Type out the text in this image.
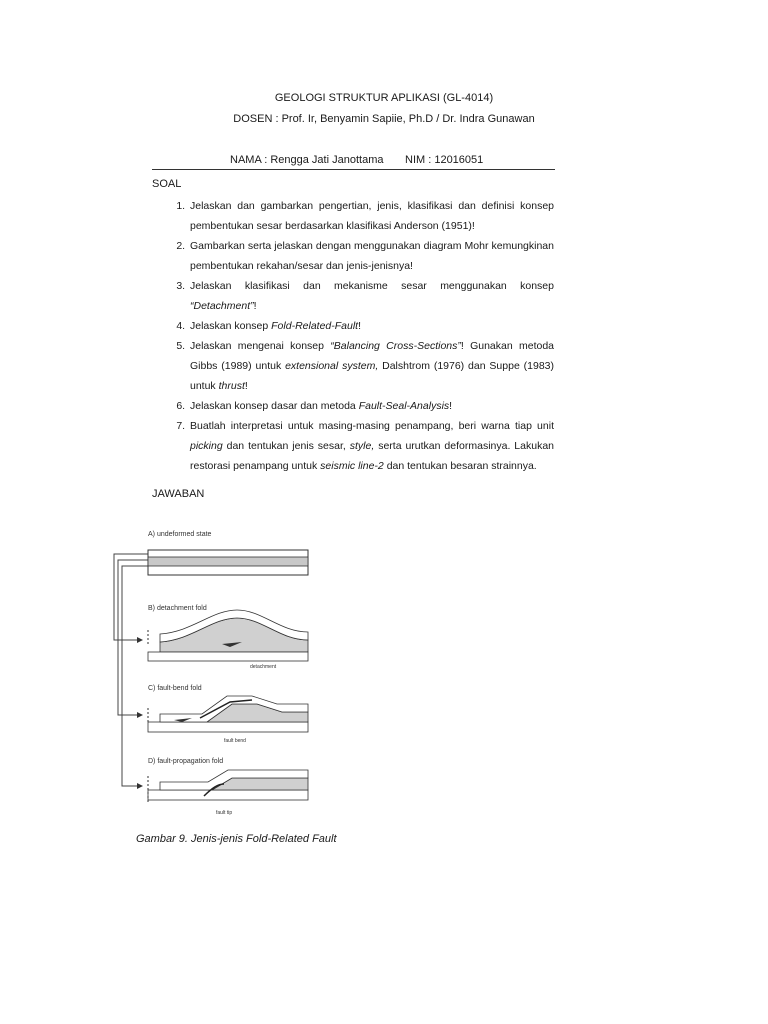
GEOLOGI STRUKTUR APLIKASI (GL-4014)
DOSEN : Prof. Ir, Benyamin Sapiie, Ph.D / Dr. Indra Gunawan
NAMA : Rengga Jati Janottama NIM : 12016051
SOAL
1. Jelaskan dan gambarkan pengertian, jenis, klasifikasi dan definisi konsep pembentukan sesar berdasarkan klasifikasi Anderson (1951)!
2. Gambarkan serta jelaskan dengan menggunakan diagram Mohr kemungkinan pembentukan rekahan/sesar dan jenis-jenisnya!
3. Jelaskan klasifikasi dan mekanisme sesar menggunakan konsep “Detachment”!
4. Jelaskan konsep Fold-Related-Fault!
5. Jelaskan mengenai konsep “Balancing Cross-Sections”! Gunakan metoda Gibbs (1989) untuk extensional system, Dalshtrom (1976) dan Suppe (1983) untuk thrust!
6. Jelaskan konsep dasar dan metoda Fault-Seal-Analysis!
7. Buatlah interpretasi untuk masing-masing penampang, beri warna tiap unit picking dan tentukan jenis sesar, style, serta urutkan deformasinya. Lakukan restorasi penampang untuk seismic line-2 dan tentukan besaran strainnya.
JAWABAN
A) undeformed state
B) detachment fold
detachment
C) fault-bend fold
fault bend
D) fault-propagation fold
fault tip
Gambar 9. Jenis-jenis Fold-Related Fault
